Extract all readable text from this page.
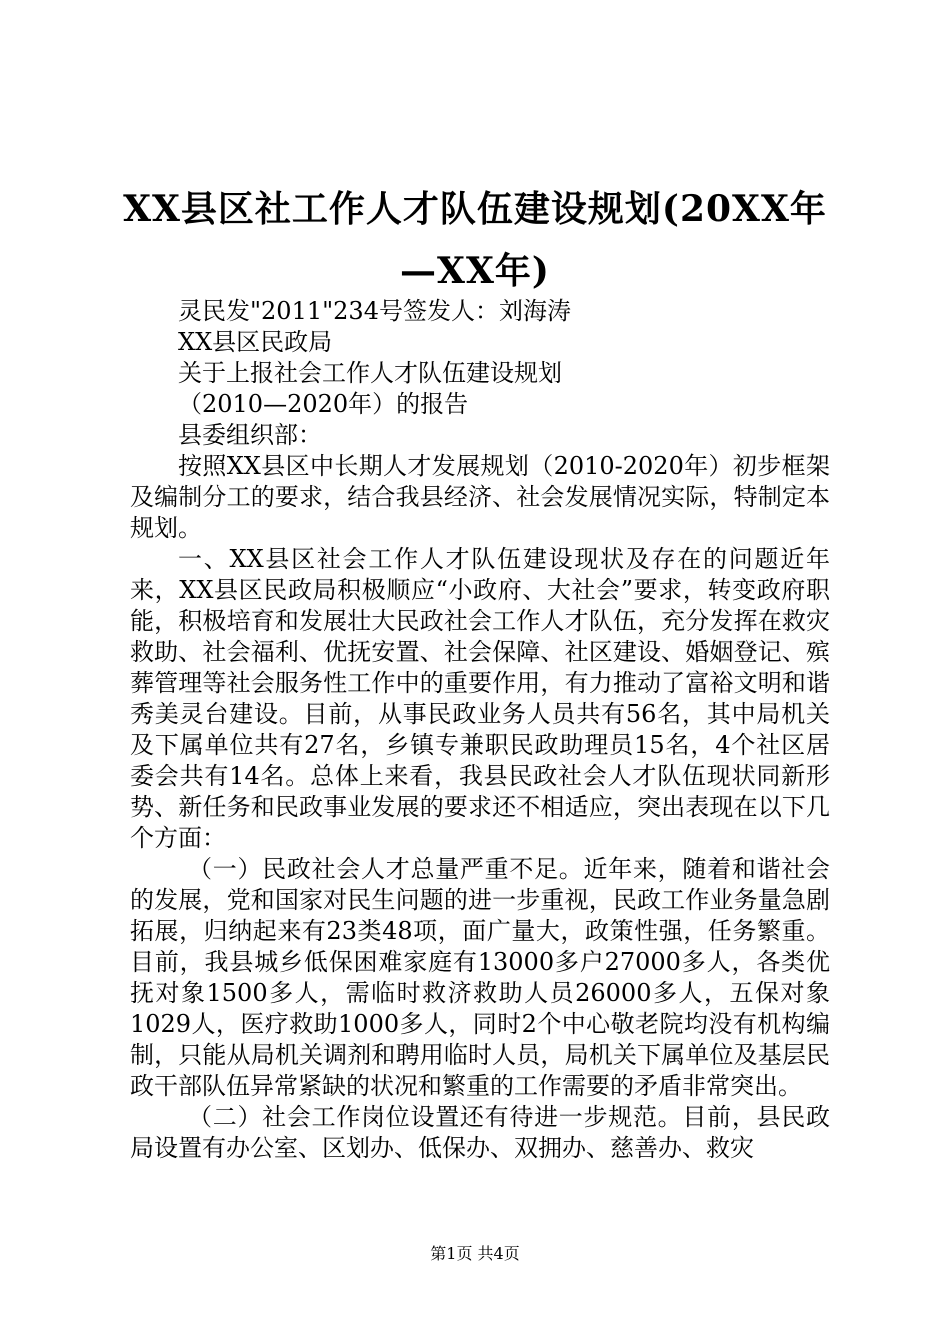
XX县区社工作人才队伍建设规划(20XX年—XX年)

灵民发"2011"234号签发人：刘海涛

XX县区民政局

关于上报社会工作人才队伍建设规划

（2010—2020年）的报告

县委组织部：

按照XX县区中长期人才发展规划（2010-2020年）初步框架及编制分工的要求，结合我县经济、社会发展情况实际，特制定本规划。

一、XX县区社会工作人才队伍建设现状及存在的问题近年来，XX县区民政局积极顺应“小政府、大社会”要求，转变政府职能，积极培育和发展壮大民政社会工作人才队伍，充分发挥在救灾救助、社会福利、优抚安置、社会保障、社区建设、婚姻登记、殡葬管理等社会服务性工作中的重要作用，有力推动了富裕文明和谐秀美灵台建设。目前，从事民政业务人员共有56名，其中局机关及下属单位共有27名，乡镇专兼职民政助理员15名，4个社区居委会共有14名。总体上来看，我县民政社会人才队伍现状同新形势、新任务和民政事业发展的要求还不相适应，突出表现在以下几个方面：

（一）民政社会人才总量严重不足。近年来，随着和谐社会的发展，党和国家对民生问题的进一步重视，民政工作业务量急剧拓展，归纳起来有23类48项，面广量大，政策性强，任务繁重。目前，我县城乡低保困难家庭有13000多户27000多人，各类优抚对象1500多人，需临时救济救助人员26000多人，五保对象1029人，医疗救助1000多人，同时2个中心敬老院均没有机构编制，只能从局机关调剂和聘用临时人员，局机关下属单位及基层民政干部队伍异常紧缺的状况和繁重的工作需要的矛盾非常突出。

（二）社会工作岗位设置还有待进一步规范。目前，县民政局设置有办公室、区划办、低保办、双拥办、慈善办、救灾

第1页 共4页
